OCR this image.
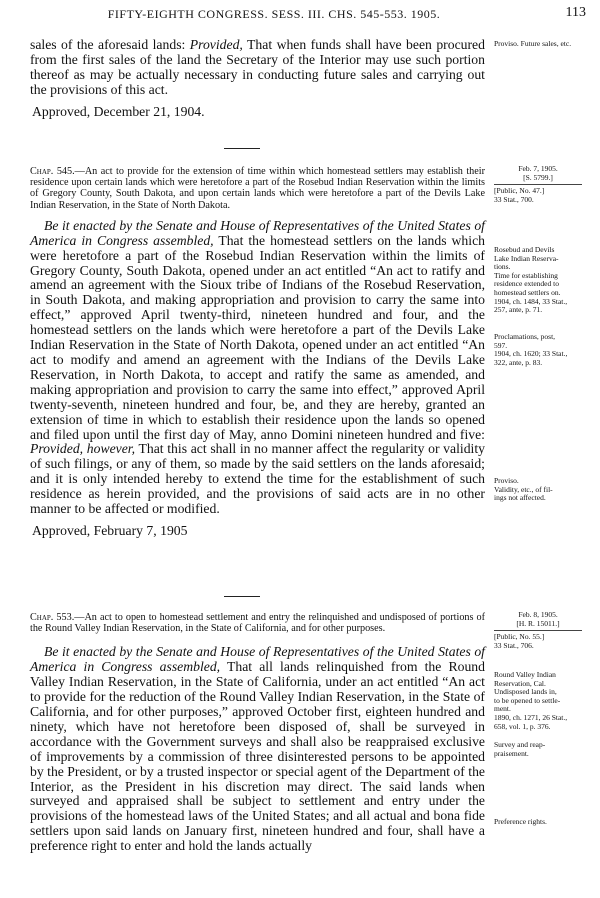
FIFTY-EIGHTH CONGRESS. SESS. III. CHS. 545-553. 1905.	113

sales of the aforesaid lands: Provided, That when funds shall have been procured from the first sales of the land the Secretary of the Interior may use such portion thereof as may be actually necessary in conducting future sales and carrying out the provisions of this act.

Approved, December 21, 1904.

Proviso. Future sales, etc.

Chap. 545.—An act to provide for the extension of time within which homestead settlers may establish their residence upon certain lands which were heretofore a part of the Rosebud Indian Reservation within the limits of Gregory County, South Dakota, and upon certain lands which were heretofore a part of the Devils Lake Indian Reservation, in the State of North Dakota.

Be it enacted by the Senate and House of Representatives of the United States of America in Congress assembled, That the homestead settlers on the lands which were heretofore a part of the Rosebud Indian Reservation within the limits of Gregory County, South Dakota, opened under an act entitled “An act to ratify and amend an agreement with the Sioux tribe of Indians of the Rosebud Reservation, in South Dakota, and making appropriation and provision to carry the same into effect,” approved April twenty-third, nineteen hundred and four, and the homestead settlers on the lands which were heretofore a part of the Devils Lake Indian Reservation in the State of North Dakota, opened under an act entitled “An act to modify and amend an agreement with the Indians of the Devils Lake Reservation, in North Dakota, to accept and ratify the same as amended, and making appropriation and provision to carry the same into effect,” approved April twenty-seventh, nineteen hundred and four, be, and they are hereby, granted an extension of time in which to establish their residence upon the lands so opened and filed upon until the first day of May, anno Domini nineteen hundred and five: Provided, however, That this act shall in no manner affect the regularity or validity of such filings, or any of them, so made by the said settlers on the lands aforesaid; and it is only intended hereby to extend the time for the establishment of such residence as herein provided, and the provisions of said acts are in no other manner to be affected or modified.

Approved, February 7, 1905

Feb. 7, 1905.
[S. 5799.]
[Public, No. 47.]
33 Stat., 700.
Rosebud and Devils
Lake Indian Reserva-
tions.
Time for establishing
residence extended to
homestead settlers on.
1904, ch. 1484, 33 Stat.,
257, ante, p. 71.
Proclamations, post,
597.
1904, ch. 1620; 33 Stat.,
322, ante, p. 83.
Proviso.
Validity, etc., of fil-
ings not affected.

Chap. 553.—An act to open to homestead settlement and entry the relinquished and undisposed of portions of the Round Valley Indian Reservation, in the State of California, and for other purposes.

Be it enacted by the Senate and House of Representatives of the United States of America in Congress assembled, That all lands relinquished from the Round Valley Indian Reservation, in the State of California, under an act entitled “An act to provide for the reduction of the Round Valley Indian Reservation, in the State of California, and for other purposes,” approved October first, eighteen hundred and ninety, which have not heretofore been disposed of, shall be surveyed in accordance with the Government surveys and shall also be reappraised exclusive of improvements by a commission of three disinterested persons to be appointed by the President, or by a trusted inspector or special agent of the Department of the Interior, as the President in his discretion may direct. The said lands when surveyed and appraised shall be subject to settlement and entry under the provisions of the homestead laws of the United States; and all actual and bona fide settlers upon said lands on January first, nineteen hundred and four, shall have a preference right to enter and hold the lands actually

Feb. 8, 1905.
[H. R. 15011.]
[Public, No. 55.]
33 Stat., 706.
Round Valley Indian
Reservation, Cal.
Undisposed lands in,
to be opened to settle-
ment.
1890, ch. 1271, 26 Stat.,
658, vol. 1, p. 376.
Survey and reap-
praisement.
Preference rights.
